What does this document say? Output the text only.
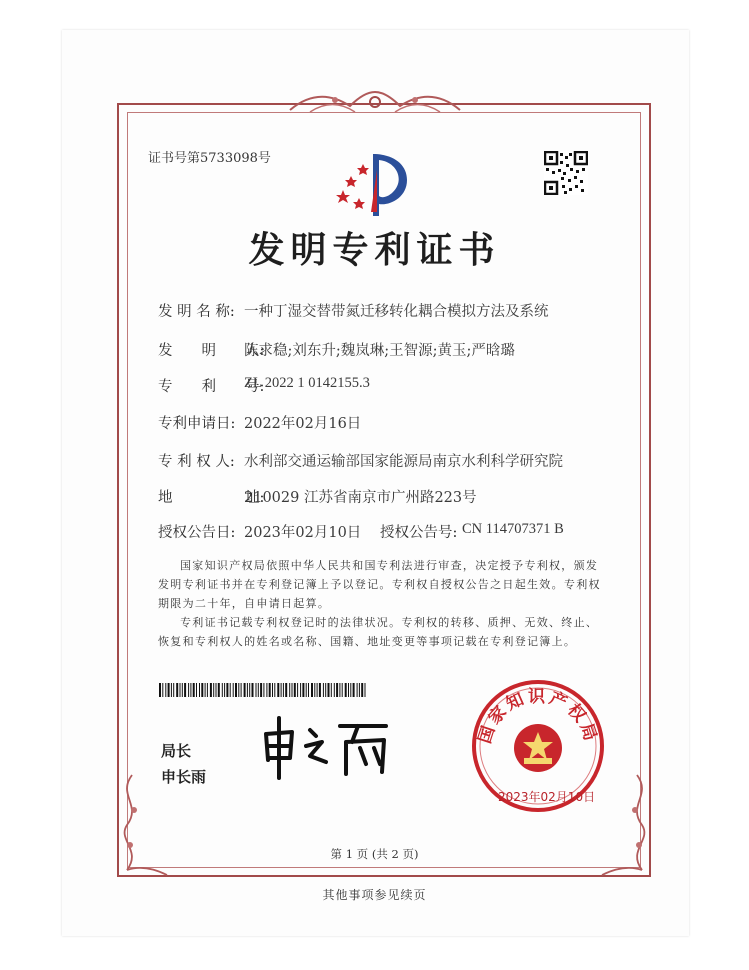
证书号第5733098号
发明专利证书
发 明 名 称: 一种丁湿交替带氮迁移转化耦合模拟方法及系统
发　　明　　人:
陈求稳;刘东升;魏岚琳;王智源;黄玉;严晗璐
专　　利　　号:
ZL 2022 1 0142155.3
专利申请日: 2022年02月16日
专 利 权 人: 水利部交通运输部国家能源局南京水利科学研究院
地　　　　　址:
210029 江苏省南京市广州路223号
授权公告日: 2023年02月10日 授权公告号: CN 114707371 B
国家知识产权局依照中华人民共和国专利法进行审查，决定授予专利权，颁发发明专利证书并在专利登记簿上予以登记。专利权自授权公告之日起生效。专利权期限为二十年，自申请日起算。
专利证书记载专利权登记时的法律状况。专利权的转移、质押、无效、终止、恢复和专利权人的姓名或名称、国籍、地址变更等事项记载在专利登记簿上。
局长
申长雨
国家知识产权局
2023年02月10日
第 1 页 (共 2 页)
其他事项参见续页
